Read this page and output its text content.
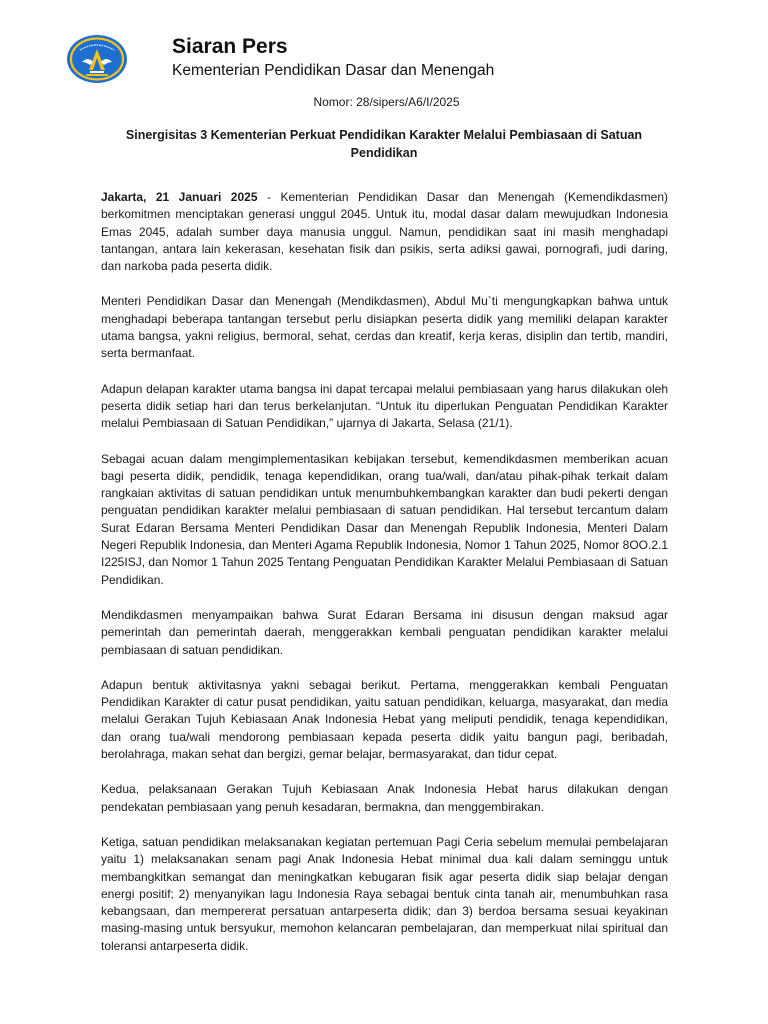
Siaran Pers

Kementerian Pendidikan Dasar dan Menengah

Nomor: 28/sipers/A6/I/2025

Sinergisitas 3 Kementerian Perkuat Pendidikan Karakter Melalui Pembiasaan di Satuan Pendidikan

Jakarta, 21 Januari 2025 - Kementerian Pendidikan Dasar dan Menengah (Kemendikdasmen) berkomitmen menciptakan generasi unggul 2045. Untuk itu, modal dasar dalam mewujudkan Indonesia Emas 2045, adalah sumber daya manusia unggul. Namun, pendidikan saat ini masih menghadapi tantangan, antara lain kekerasan, kesehatan fisik dan psikis, serta adiksi gawai, pornografi, judi daring, dan narkoba pada peserta didik.

Menteri Pendidikan Dasar dan Menengah (Mendikdasmen), Abdul Mu`ti mengungkapkan bahwa untuk menghadapi beberapa tantangan tersebut perlu disiapkan peserta didik yang memiliki delapan karakter utama bangsa, yakni religius, bermoral, sehat, cerdas dan kreatif, kerja keras, disiplin dan tertib, mandiri, serta bermanfaat.

Adapun delapan karakter utama bangsa ini dapat tercapai melalui pembiasaan yang harus dilakukan oleh peserta didik setiap hari dan terus berkelanjutan. “Untuk itu diperlukan Penguatan Pendidikan Karakter melalui Pembiasaan di Satuan Pendidikan,” ujarnya di Jakarta, Selasa (21/1).

Sebagai acuan dalam mengimplementasikan kebijakan tersebut, kemendikdasmen memberikan acuan bagi peserta didik, pendidik, tenaga kependidikan, orang tua/wali, dan/atau pihak-pihak terkait dalam rangkaian aktivitas di satuan pendidikan untuk menumbuhkembangkan karakter dan budi pekerti dengan penguatan pendidikan karakter melalui pembiasaan di satuan pendidikan. Hal tersebut tercantum dalam Surat Edaran Bersama Menteri Pendidikan Dasar dan Menengah Republik Indonesia, Menteri Dalam Negeri Republik Indonesia, dan Menteri Agama Republik Indonesia, Nomor 1 Tahun 2025, Nomor 8OO.2.1 I225ISJ, dan Nomor 1 Tahun 2025 Tentang Penguatan Pendidikan Karakter Melalui Pembiasaan di Satuan Pendidikan.

Mendikdasmen menyampaikan bahwa Surat Edaran Bersama ini disusun dengan maksud agar pemerintah dan pemerintah daerah, menggerakkan kembali penguatan pendidikan karakter melalui pembiasaan di satuan pendidikan.

Adapun bentuk aktivitasnya yakni sebagai berikut. Pertama, menggerakkan kembali Penguatan Pendidikan Karakter di catur pusat pendidikan, yaitu satuan pendidikan, keluarga, masyarakat, dan media melalui Gerakan Tujuh Kebiasaan Anak Indonesia Hebat yang meliputi pendidik, tenaga kependidikan, dan orang tua/wali mendorong pembiasaan kepada peserta didik yaitu bangun pagi, beribadah, berolahraga, makan sehat dan bergizi, gemar belajar, bermasyarakat, dan tidur cepat.

Kedua, pelaksanaan Gerakan Tujuh Kebiasaan Anak Indonesia Hebat harus dilakukan dengan pendekatan pembiasaan yang penuh kesadaran, bermakna, dan menggembirakan.

Ketiga, satuan pendidikan melaksanakan kegiatan pertemuan Pagi Ceria sebelum memulai pembelajaran yaitu 1) melaksanakan senam pagi Anak Indonesia Hebat minimal dua kali dalam seminggu untuk membangkitkan semangat dan meningkatkan kebugaran fisik agar peserta didik siap belajar dengan energi positif; 2) menyanyikan lagu Indonesia Raya sebagai bentuk cinta tanah air, menumbuhkan rasa kebangsaan, dan mempererat persatuan antarpeserta didik; dan 3) berdoa bersama sesuai keyakinan masing-masing untuk bersyukur, memohon kelancaran pembelajaran, dan memperkuat nilai spiritual dan toleransi antarpeserta didik.
